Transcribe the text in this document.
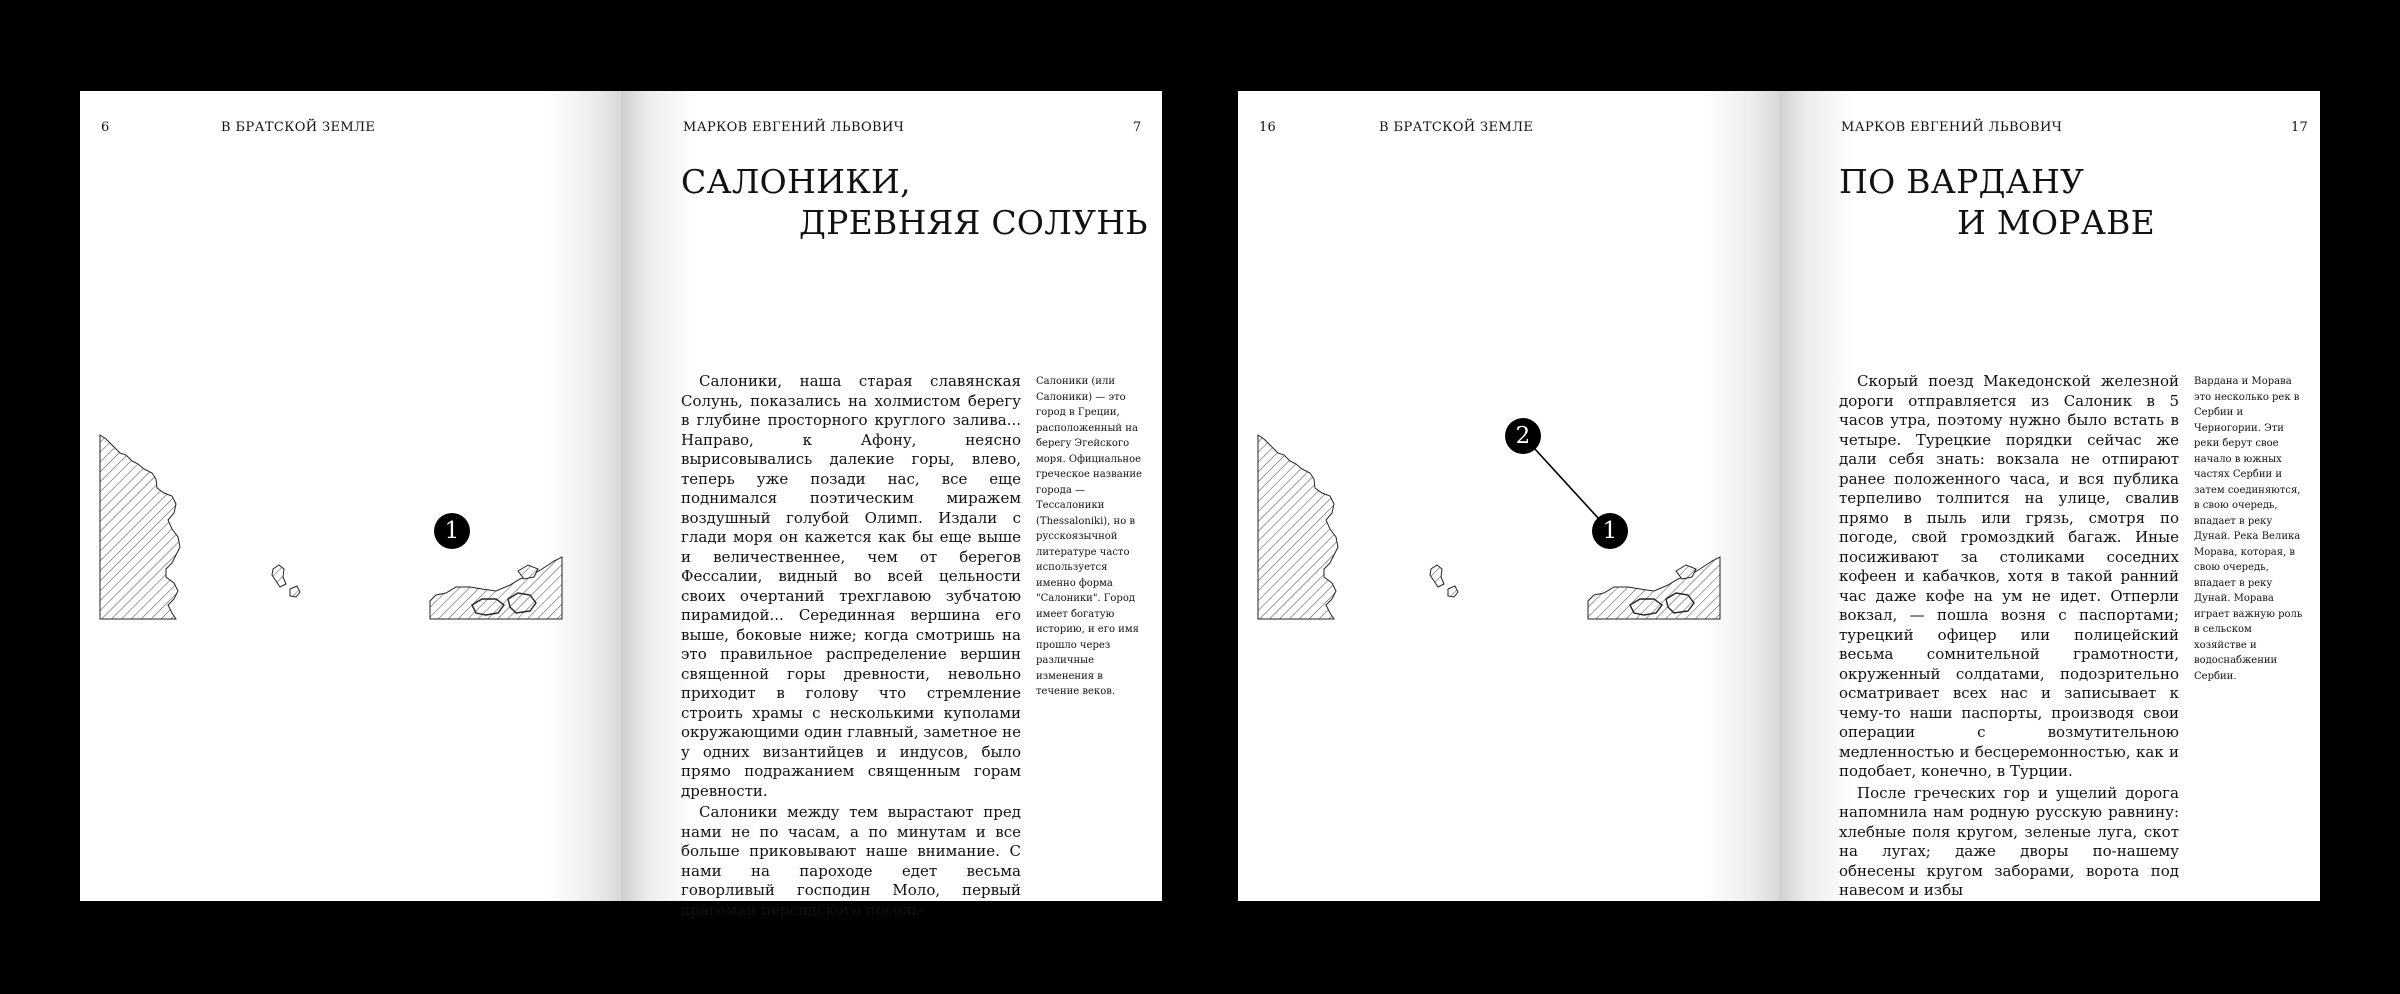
6	В БРАТСКОЙ ЗЕМЛЕ
1
МАРКОВ ЕВГЕНИЙ ЛЬВОВИЧ	7
САЛОНИКИ,
ДРЕВНЯЯ СОЛУНЬ

Салоники, наша старая славянская Солунь, показались на холмистом берегу в глубине просторного круглого залива... Направо, к Афону, неясно вырисовывались далекие горы, влево, теперь уже позади нас, все еще поднимался поэтическим миражем воздушный голубой Олимп. Издали с глади моря он кажется как бы еще выше и величественнее, чем от берегов Фессалии, видный во всей цельности своих очертаний трехглавою зубчатою пирамидой... Серединная вершина его выше, боковые ниже; когда смотришь на это правильное распределение вершин священной горы древности, невольно приходит в голову что стремление строить храмы с несколькими куполами окружающими один главный, заметное не у одних византийцев и индусов, было прямо подражанием священным горам древности.

Салоники между тем вырастают пред нами не по часам, а по минутам и все больше приковывают наше внимание. С нами на пароходе едет весьма говорливый господин Моло, первый драгоман персидского посоль-

Салоники (или Салоники) — это город в Греции, расположенный на берегу Эгейского моря. Официальное греческое название города — Тессалоники (Thessaloniki), но в русскоязычной литературе часто используется именно форма "Салоники". Город имеет богатую историю, и его имя прошло через различные изменения в течение веков.
16	В БРАТСКОЙ ЗЕМЛЕ
2
1
МАРКОВ ЕВГЕНИЙ ЛЬВОВИЧ	17
ПО ВАРДАНУ
И МОРАВЕ

Скорый поезд Македонской железной дороги отправляется из Салоник в 5 часов утра, поэтому нужно было встать в четыре. Турецкие порядки сейчас же дали себя знать: вокзала не отпирают ранее положенного часа, и вся публика терпеливо толпится на улице, свалив прямо в пыль или грязь, смотря по погоде, свой громоздкий багаж. Иные посиживают за столиками соседних кофеен и кабачков, хотя в такой ранний час даже кофе на ум не идет. Отперли вокзал, — пошла возня с паспортами; турецкий офицер или полицейский весьма сомнительной грамотности, окруженный солдатами, подозрительно осматривает всех нас и записывает к чему-то наши паспорты, производя свои операции с возмутительною медленностью и бесцеремонностью, как и подобает, конечно, в Турции.

После греческих гор и ущелий дорога напомнила нам родную русскую равнину: хлебные поля кругом, зеленые луга, скот на лугах; даже дворы по-нашему обнесены кругом заборами, ворота под навесом и избы

Вардана и Морава это несколько рек в Сербии и Черногории. Эти реки берут свое начало в южных частях Сербии и затем соединяются, в свою очередь, впадает в реку Дунай. Река Велика Морава, которая, в свою очередь, впадает в реку Дунай. Морава играет важную роль в сельском хозяйстве и водоснабжении Сербии.
